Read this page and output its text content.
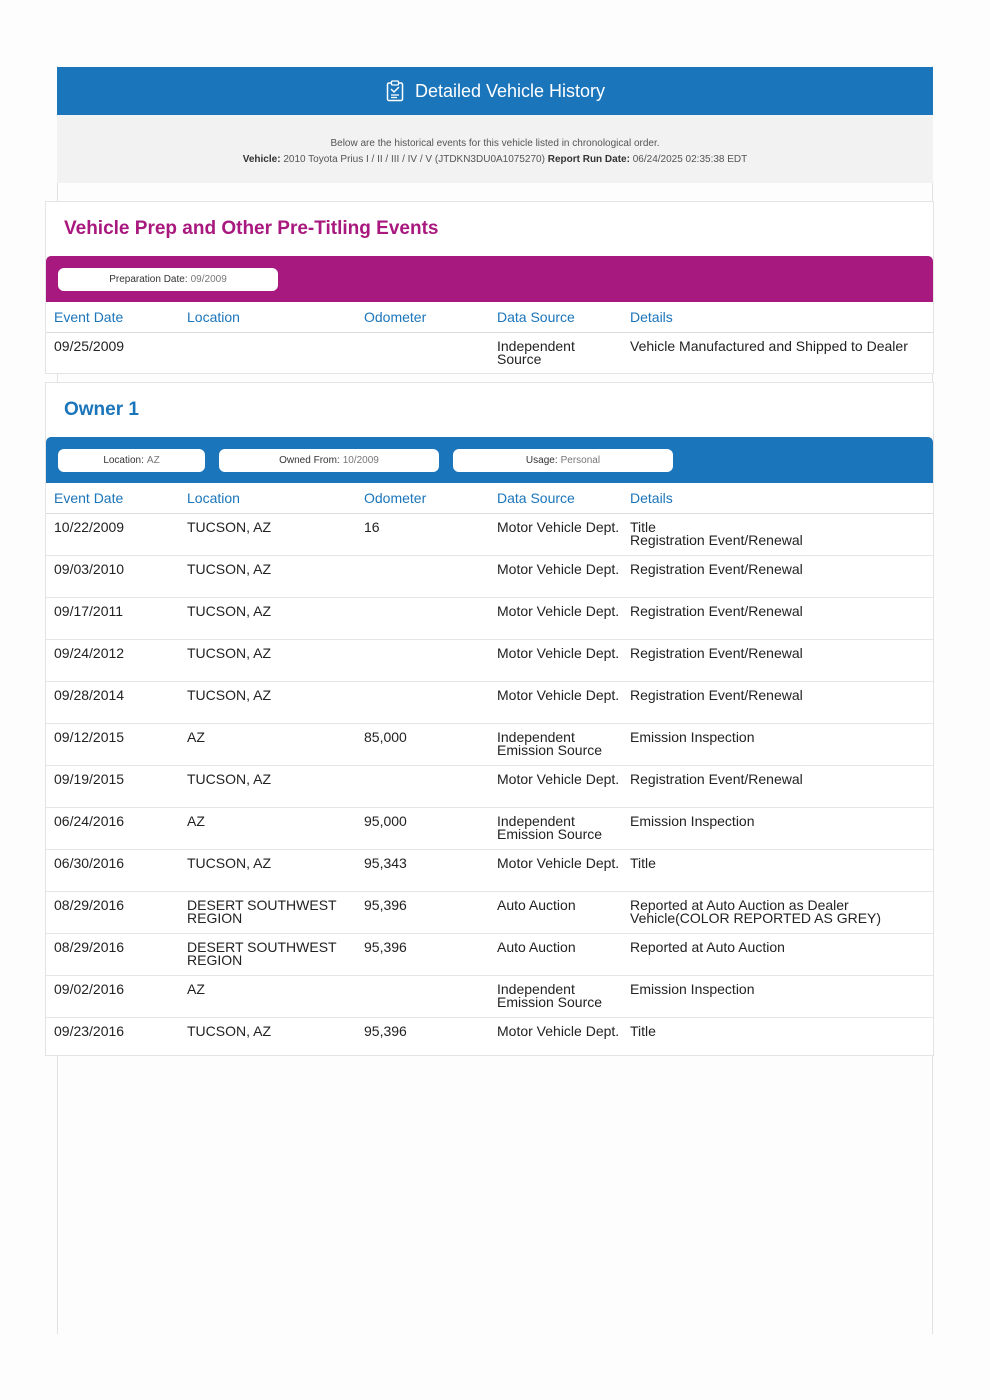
Detailed Vehicle History
Below are the historical events for this vehicle listed in chronological order.
Vehicle: 2010 Toyota Prius I / II / III / IV / V (JTDKN3DU0A1075270) Report Run Date: 06/24/2025 02:35:38 EDT
Vehicle Prep and Other Pre-Titling Events
Preparation Date: 09/2009
Event Date	Location	Odometer	Data Source	Details
09/25/2009			Independent Source	Vehicle Manufactured and Shipped to Dealer
Owner 1
Location: AZ	Owned From: 10/2009	Usage: Personal
Event Date	Location	Odometer	Data Source	Details
10/22/2009	TUCSON, AZ	16	Motor Vehicle Dept.	Title
Registration Event/Renewal
09/03/2010	TUCSON, AZ		Motor Vehicle Dept.	Registration Event/Renewal
09/17/2011	TUCSON, AZ		Motor Vehicle Dept.	Registration Event/Renewal
09/24/2012	TUCSON, AZ		Motor Vehicle Dept.	Registration Event/Renewal
09/28/2014	TUCSON, AZ		Motor Vehicle Dept.	Registration Event/Renewal
09/12/2015	AZ	85,000	Independent Emission Source	Emission Inspection
09/19/2015	TUCSON, AZ		Motor Vehicle Dept.	Registration Event/Renewal
06/24/2016	AZ	95,000	Independent Emission Source	Emission Inspection
06/30/2016	TUCSON, AZ	95,343	Motor Vehicle Dept.	Title
08/29/2016	DESERT SOUTHWEST REGION	95,396	Auto Auction	Reported at Auto Auction as Dealer Vehicle(COLOR REPORTED AS GREY)
08/29/2016	DESERT SOUTHWEST REGION	95,396	Auto Auction	Reported at Auto Auction
09/02/2016	AZ		Independent Emission Source	Emission Inspection
09/23/2016	TUCSON, AZ	95,396	Motor Vehicle Dept.	Title
